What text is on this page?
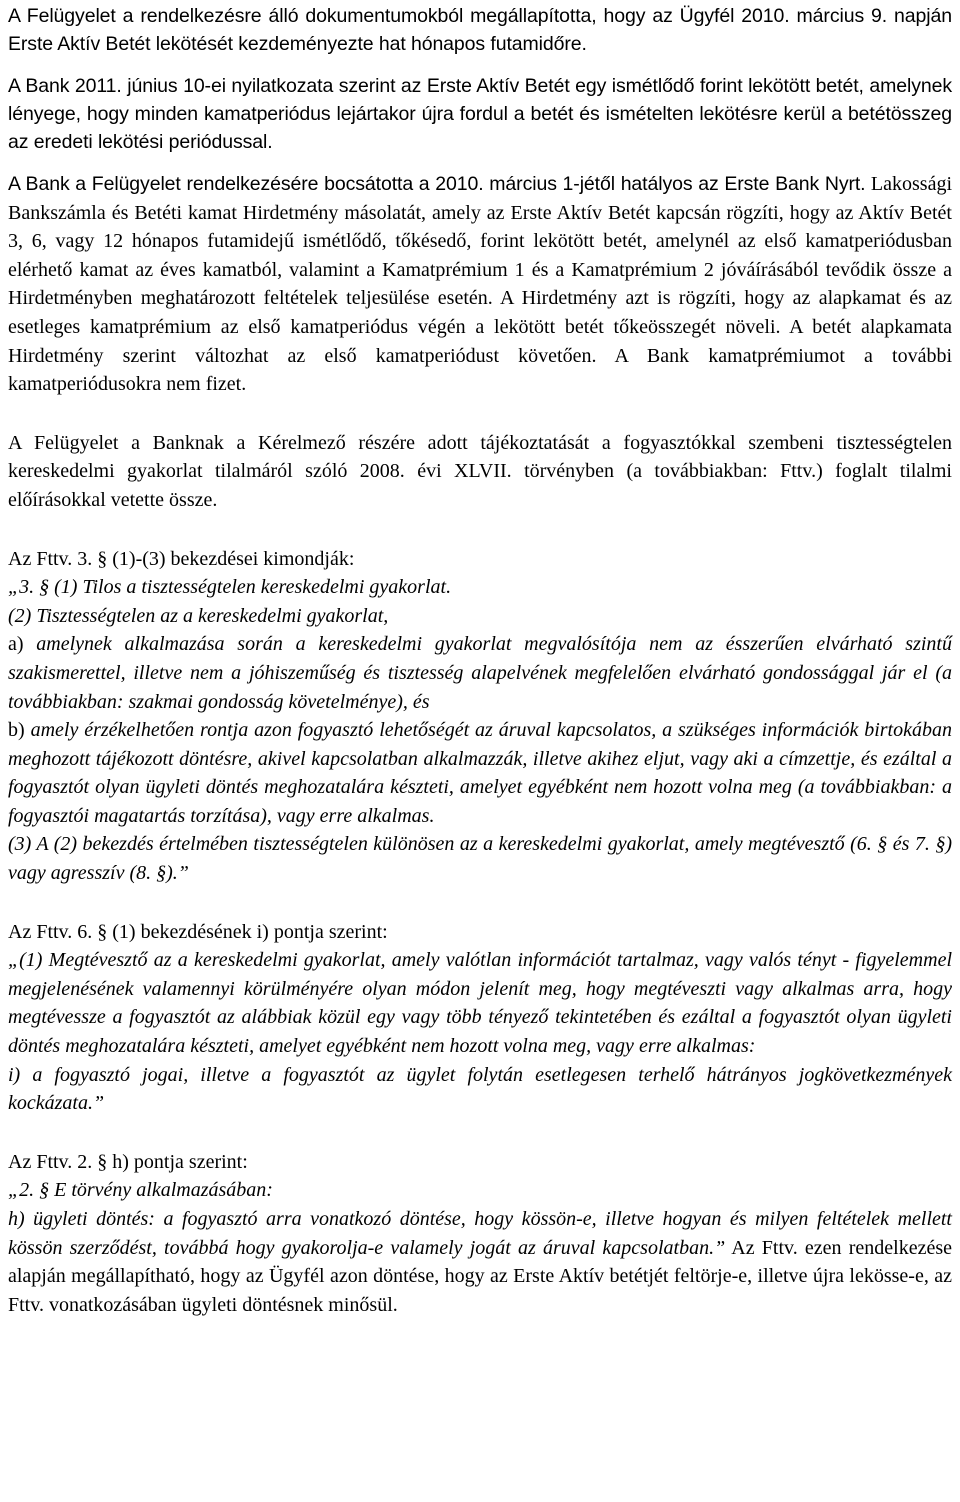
A Felügyelet a rendelkezésre álló dokumentumokból megállapította, hogy az Ügyfél 2010. március 9. napján Erste Aktív Betét lekötését kezdeményezte hat hónapos futamidőre.

A Bank 2011. június 10-ei nyilatkozata szerint az Erste Aktív Betét egy ismétlődő forint lekötött betét, amelynek lényege, hogy minden kamatperiódus lejártakor újra fordul a betét és ismételten lekötésre kerül a betétösszeg az eredeti lekötési periódussal.

A Bank a Felügyelet rendelkezésére bocsátotta a 2010. március 1-jétől hatályos az Erste Bank Nyrt. Lakossági Bankszámla és Betéti kamat Hirdetmény másolatát, amely az Erste Aktív Betét kapcsán rögzíti, hogy az Aktív Betét 3, 6, vagy 12 hónapos futamidejű ismétlődő, tőkésedő, forint lekötött betét, amelynél az első kamatperiódusban elérhető kamat az éves kamatból, valamint a Kamatprémium 1 és a Kamatprémium 2 jóváírásából tevődik össze a Hirdetményben meghatározott feltételek teljesülése esetén. A Hirdetmény azt is rögzíti, hogy az alapkamat és az esetleges kamatprémium az első kamatperiódus végén a lekötött betét tőkeösszegét növeli. A betét alapkamata Hirdetmény szerint változhat az első kamatperiódust követően. A Bank kamatprémiumot a további kamatperiódusokra nem fizet.

A Felügyelet a Banknak a Kérelmező részére adott tájékoztatását a fogyasztókkal szembeni tisztességtelen kereskedelmi gyakorlat tilalmáról szóló 2008. évi XLVII. törvényben (a továbbiakban: Fttv.) foglalt tilalmi előírásokkal vetette össze.

Az Fttv. 3. § (1)-(3) bekezdései kimondják:

„3. § (1) Tilos a tisztességtelen kereskedelmi gyakorlat.

(2) Tisztességtelen az a kereskedelmi gyakorlat,

a) amelynek alkalmazása során a kereskedelmi gyakorlat megvalósítója nem az ésszerűen elvárható szintű szakismerettel, illetve nem a jóhiszeműség és tisztesség alapelvének megfelelően elvárható gondossággal jár el (a továbbiakban: szakmai gondosság követelménye), és

b) amely érzékelhetően rontja azon fogyasztó lehetőségét az áruval kapcsolatos, a szükséges információk birtokában meghozott tájékozott döntésre, akivel kapcsolatban alkalmazzák, illetve akihez eljut, vagy aki a címzettje, és ezáltal a fogyasztót olyan ügyleti döntés meghozatalára készteti, amelyet egyébként nem hozott volna meg (a továbbiakban: a fogyasztói magatartás torzítása), vagy erre alkalmas.

(3) A (2) bekezdés értelmében tisztességtelen különösen az a kereskedelmi gyakorlat, amely megtévesztő (6. § és 7. §) vagy agresszív (8. §).”

Az Fttv. 6. § (1) bekezdésének i) pontja szerint:

„(1) Megtévesztő az a kereskedelmi gyakorlat, amely valótlan információt tartalmaz, vagy valós tényt - figyelemmel megjelenésének valamennyi körülményére olyan módon jelenít meg, hogy megtéveszti vagy alkalmas arra, hogy megtévessze a fogyasztót az alábbiak közül egy vagy több tényező tekintetében és ezáltal a fogyasztót olyan ügyleti döntés meghozatalára készteti, amelyet egyébként nem hozott volna meg, vagy erre alkalmas:

i) a fogyasztó jogai, illetve a fogyasztót az ügylet folytán esetlegesen terhelő hátrányos jogkövetkezmények kockázata.”

Az Fttv. 2. § h) pontja szerint:

„2. § E törvény alkalmazásában:

h) ügyleti döntés: a fogyasztó arra vonatkozó döntése, hogy kössön-e, illetve hogyan és milyen feltételek mellett kössön szerződést, továbbá hogy gyakorolja-e valamely jogát az áruval kapcsolatban.” Az Fttv. ezen rendelkezése alapján megállapítható, hogy az Ügyfél azon döntése, hogy az Erste Aktív betétjét feltörje-e, illetve újra lekösse-e, az Fttv. vonatkozásában ügyleti döntésnek minősül.
